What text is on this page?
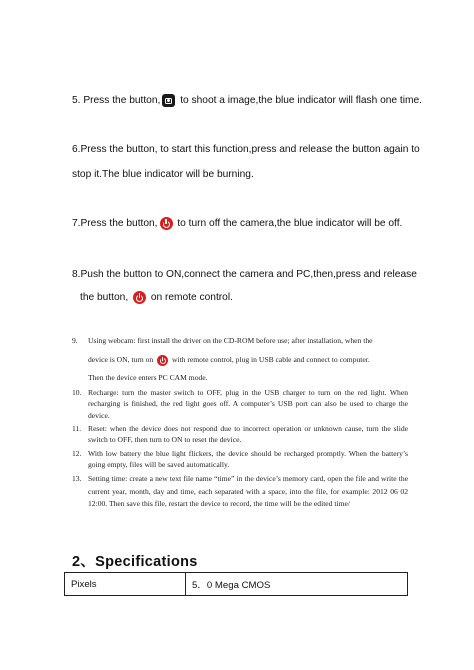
5. Press the button,
to shoot a image,the blue indicator will flash one time.
6.Press the button, to start this function,press and release the button again to
stop it.The blue indicator will be burning.
7.Press the button,
to turn off the camera,the blue indicator will be off.
8.Push the button to ON,connect the camera and PC,then,press and release
the button,
on remote control.
9. Using webcam: first install the driver on the CD-ROM before use; after installation, when the
device is ON, turn on
with remote control, plug in USB cable and connect to computer.
Then the device enters PC CAM mode.
10. Recharge: turn the master switch to OFF, plug in the USB charger to turn on the red light. When recharging is finished, the red light goes off. A computer’s USB port can also be used to charge the device.
11. Reset: when the device does not respond due to incorrect operation or unknown cause, turn the slide switch to OFF, then turn to ON to reset the device.
12. With low battery the blue light flickers, the device should be recharged promptly. When the battery’s going empty, files will be saved automatically.
13. Setting time: create a new text file name “time” in the device’s memory card, open the file and write the current year, month, day and time, each separated with a space, into the file, for example: 2012 06 02 12:00. Then save this file, restart the device to record, the time will be the edited time/
2、Specifications
Pixels	5．0 Mega CMOS
